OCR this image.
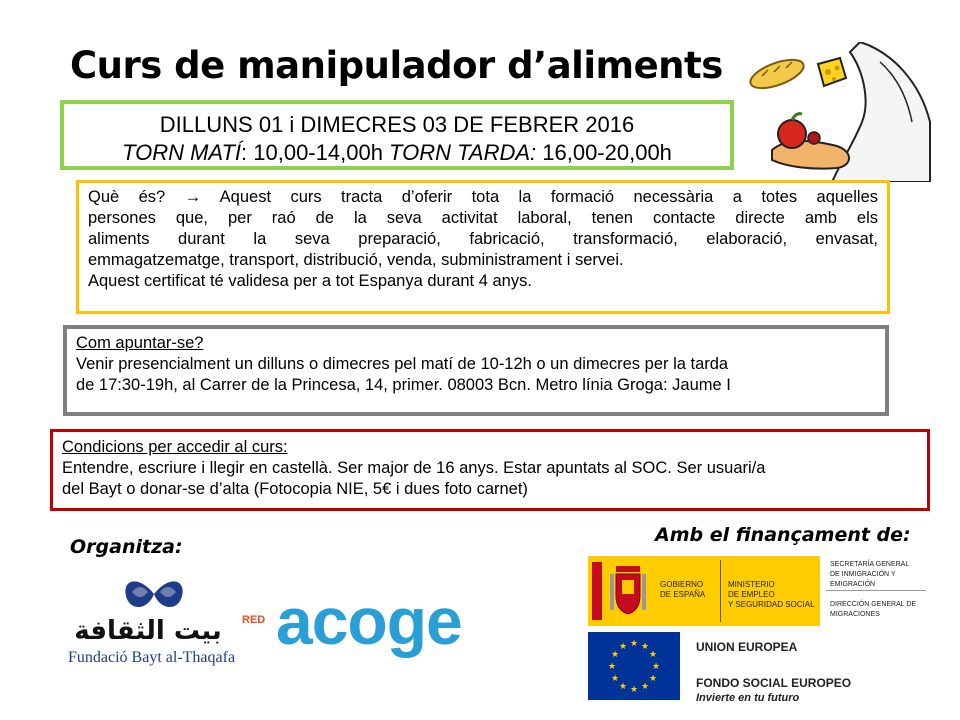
Curs de manipulador d’aliments
DILLUNS 01 i DIMECRES 03 DE FEBRER 2016
TORN MATÍ: 10,00-14,00h TORN TARDA: 16,00-20,00h
Què és? → Aquest curs tracta d’oferir tota la formació necessària a totes aquelles
persones que, per raó de la seva activitat laboral, tenen contacte directe amb els
aliments durant la seva preparació, fabricació, transformació, elaboració, envasat,
emmagatzematge, transport, distribució, venda, subministrament i servei.
Aquest certificat té validesa per a tot Espanya durant 4 anys.
Com apuntar-se?
Venir presencialment un dilluns o dimecres pel matí de 10-12h o un dimecres per la tarda
de 17:30-19h, al Carrer de la Princesa, 14, primer. 08003 Bcn. Metro línia Groga: Jaume I
Condicions per accedir al curs:
Entendre, escriure i llegir en castellà. Ser major de 16 anys. Estar apuntats al SOC. Ser usuari/a
del Bayt o donar-se d’alta (Fotocopia NIE, 5€ i dues foto carnet)
Organitza:
بيت الثقافة
Fundació Bayt al-Thaqafa
RED acoge
Amb el finançament de:
GOBIERNO
DE ESPAÑA
MINISTERIO
DE EMPLEO
Y SEGURIDAD SOCIAL
SECRETARÍA GENERAL
DE INMIGRACIÓN Y
EMIGRACIÓN
DIRECCIÓN GENERAL DE
MIGRACIONES
★ ★
★
★
★
★
★
★
★
★
★
★	UNION EUROPEA
FONDO SOCIAL EUROPEO
Invierte en tu futuro
